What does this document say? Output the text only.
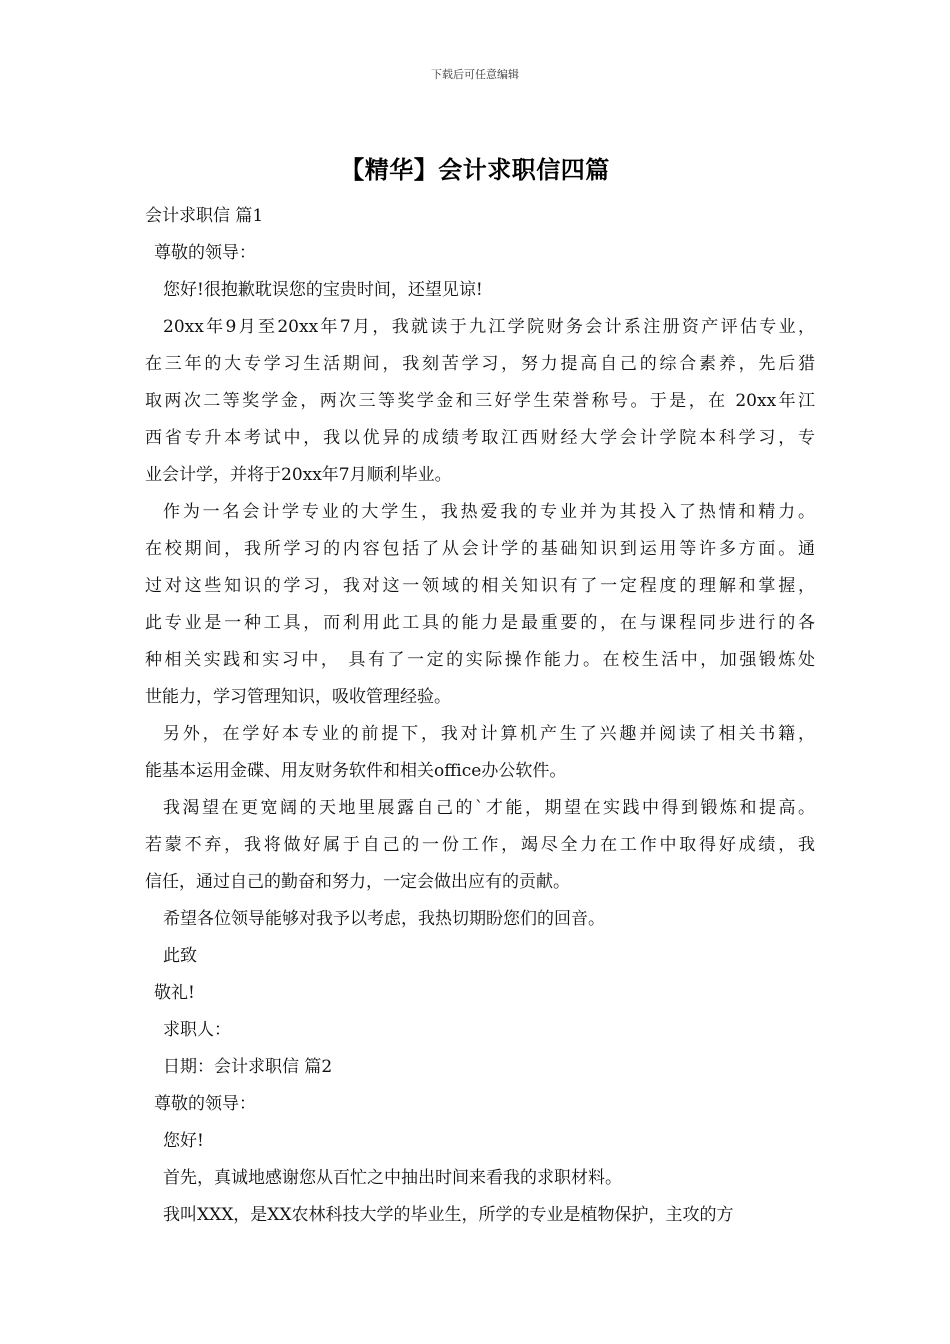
下载后可任意编辑
【精华】会计求职信四篇
会计求职信 篇1
尊敬的领导：
您好!很抱歉耽误您的宝贵时间，还望见谅!
20xx年9月至20xx年7月，我就读于九江学院财务会计系注册资产评估专业，
在三年的大专学习生活期间，我刻苦学习，努力提高自己的综合素养，先后猎
取两次二等奖学金，两次三等奖学金和三好学生荣誉称号。于是，在 20xx年江
西省专升本考试中，我以优异的成绩考取江西财经大学会计学院本科学习，专
业会计学，并将于20xx年7月顺利毕业。
作为一名会计学专业的大学生，我热爱我的专业并为其投入了热情和精力。
在校期间，我所学习的内容包括了从会计学的基础知识到运用等许多方面。通
过对这些知识的学习，我对这一领域的相关知识有了一定程度的理解和掌握，
此专业是一种工具，而利用此工具的能力是最重要的，在与课程同步进行的各
种相关实践和实习中， 具有了一定的实际操作能力。在校生活中，加强锻炼处
世能力，学习管理知识，吸收管理经验。
另外，在学好本专业的前提下，我对计算机产生了兴趣并阅读了相关书籍，
能基本运用金碟、用友财务软件和相关office办公软件。
我渴望在更宽阔的天地里展露自己的`才能，期望在实践中得到锻炼和提高。
若蒙不弃，我将做好属于自己的一份工作，竭尽全力在工作中取得好成绩，我
信任，通过自己的勤奋和努力，一定会做出应有的贡献。
希望各位领导能够对我予以考虑，我热切期盼您们的回音。
此致
敬礼!
求职人：
日期：会计求职信 篇2
尊敬的领导：
您好!
首先，真诚地感谢您从百忙之中抽出时间来看我的求职材料。
我叫XXX，是XX农林科技大学的毕业生，所学的专业是植物保护，主攻的方
